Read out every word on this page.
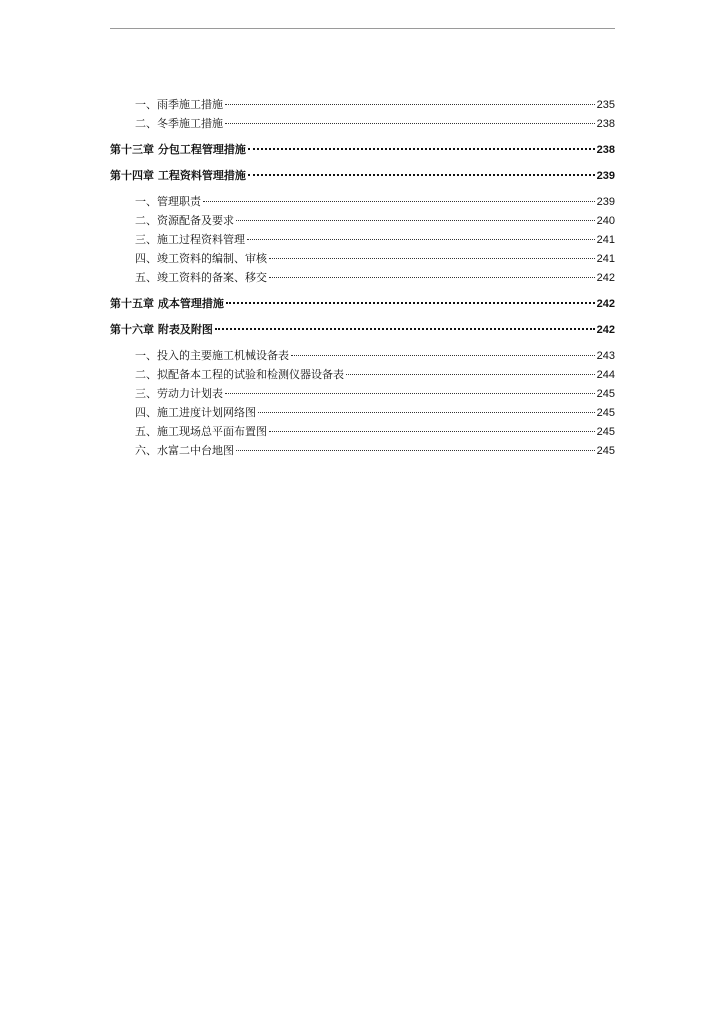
一、雨季施工措施	235
二、冬季施工措施	238
第十三章 分包工程管理措施	238
第十四章 工程资料管理措施	239
一、管理职责	239
二、资源配备及要求	240
三、施工过程资料管理	241
四、竣工资料的编制、审核	241
五、竣工资料的备案、移交	242
第十五章 成本管理措施	242
第十六章 附表及附图	242
一、投入的主要施工机械设备表	243
二、拟配备本工程的试验和检测仪器设备表	244
三、劳动力计划表	245
四、施工进度计划网络图	245
五、施工现场总平面布置图	245
六、水富二中台地图	245
